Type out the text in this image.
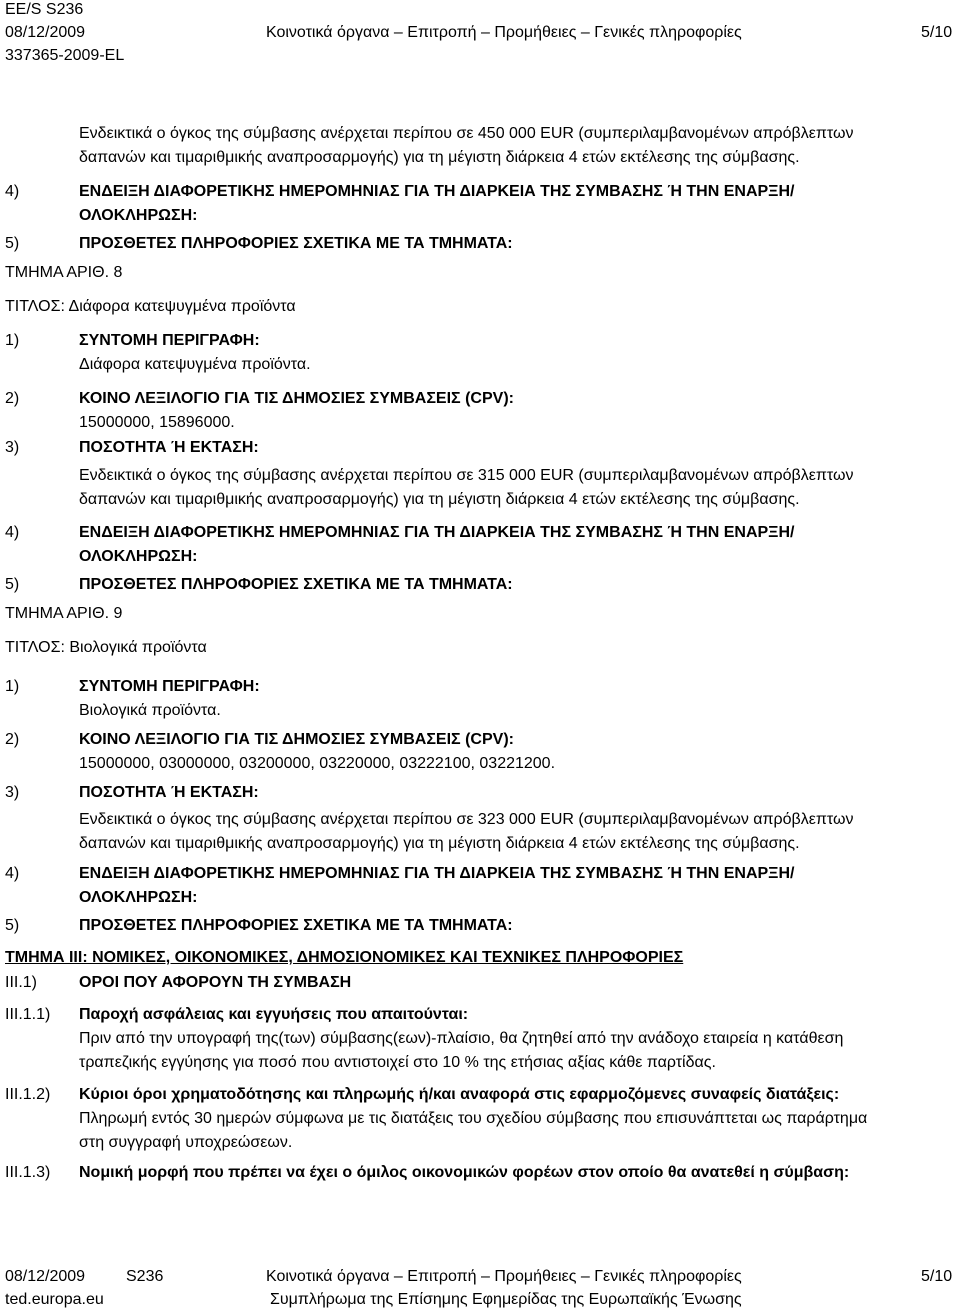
EE/S S236
08/12/2009	Κοινοτικά όργανα – Επιτροπή – Προμήθειες – Γενικές πληροφορίες	5/10
337365-2009-EL
Ενδεικτικά ο όγκος της σύμβασης ανέρχεται περίπου σε 450 000 EUR (συμπεριλαμβανομένων απρόβλεπτων
δαπανών και τιμαριθμικής αναπροσαρμογής) για τη μέγιστη διάρκεια 4 ετών εκτέλεσης της σύμβασης.
4)	ΕΝΔΕΙΞΗ ΔΙΑΦΟΡΕΤΙΚΗΣ ΗΜΕΡΟΜΗΝΙΑΣ ΓΙΑ ΤΗ ΔΙΑΡΚΕΙΑ ΤΗΣ ΣΥΜΒΑΣΗΣ Ή ΤΗΝ ΕΝΑΡΞΗ/
ΟΛΟΚΛΗΡΩΣΗ:
5)	ΠΡΟΣΘΕΤΕΣ ΠΛΗΡΟΦΟΡΙΕΣ ΣΧΕΤΙΚΑ ΜΕ ΤΑ ΤΜΗΜΑΤΑ:
ΤΜΗΜΑ ΑΡΙΘ. 8
ΤΙΤΛΟΣ: Διάφορα κατεψυγμένα προϊόντα
1)	ΣΥΝΤΟΜΗ ΠΕΡΙΓΡΑΦΗ:
Διάφορα κατεψυγμένα προϊόντα.
2)	ΚΟΙΝΟ ΛΕΞΙΛΟΓΙΟ ΓΙΑ ΤΙΣ ΔΗΜΟΣΙΕΣ ΣΥΜΒΑΣΕΙΣ (CPV):
15000000, 15896000.
3)	ΠΟΣΟΤΗΤΑ Ή ΕΚΤΑΣΗ:
Ενδεικτικά ο όγκος της σύμβασης ανέρχεται περίπου σε 315 000 EUR (συμπεριλαμβανομένων απρόβλεπτων
δαπανών και τιμαριθμικής αναπροσαρμογής) για τη μέγιστη διάρκεια 4 ετών εκτέλεσης της σύμβασης.
4)	ΕΝΔΕΙΞΗ ΔΙΑΦΟΡΕΤΙΚΗΣ ΗΜΕΡΟΜΗΝΙΑΣ ΓΙΑ ΤΗ ΔΙΑΡΚΕΙΑ ΤΗΣ ΣΥΜΒΑΣΗΣ Ή ΤΗΝ ΕΝΑΡΞΗ/
ΟΛΟΚΛΗΡΩΣΗ:
5)	ΠΡΟΣΘΕΤΕΣ ΠΛΗΡΟΦΟΡΙΕΣ ΣΧΕΤΙΚΑ ΜΕ ΤΑ ΤΜΗΜΑΤΑ:
ΤΜΗΜΑ ΑΡΙΘ. 9
ΤΙΤΛΟΣ: Βιολογικά προϊόντα
1)	ΣΥΝΤΟΜΗ ΠΕΡΙΓΡΑΦΗ:
Βιολογικά προϊόντα.
2)	ΚΟΙΝΟ ΛΕΞΙΛΟΓΙΟ ΓΙΑ ΤΙΣ ΔΗΜΟΣΙΕΣ ΣΥΜΒΑΣΕΙΣ (CPV):
15000000, 03000000, 03200000, 03220000, 03222100, 03221200.
3)	ΠΟΣΟΤΗΤΑ Ή ΕΚΤΑΣΗ:
Ενδεικτικά ο όγκος της σύμβασης ανέρχεται περίπου σε 323 000 EUR (συμπεριλαμβανομένων απρόβλεπτων
δαπανών και τιμαριθμικής αναπροσαρμογής) για τη μέγιστη διάρκεια 4 ετών εκτέλεσης της σύμβασης.
4)	ΕΝΔΕΙΞΗ ΔΙΑΦΟΡΕΤΙΚΗΣ ΗΜΕΡΟΜΗΝΙΑΣ ΓΙΑ ΤΗ ΔΙΑΡΚΕΙΑ ΤΗΣ ΣΥΜΒΑΣΗΣ Ή ΤΗΝ ΕΝΑΡΞΗ/
ΟΛΟΚΛΗΡΩΣΗ:
5)	ΠΡΟΣΘΕΤΕΣ ΠΛΗΡΟΦΟΡΙΕΣ ΣΧΕΤΙΚΑ ΜΕ ΤΑ ΤΜΗΜΑΤΑ:
ΤΜΗΜΑ III: ΝΟΜΙΚΕΣ, ΟΙΚΟΝΟΜΙΚΕΣ, ΔΗΜΟΣΙΟΝΟΜΙΚΕΣ ΚΑΙ ΤΕΧΝΙΚΕΣ ΠΛΗΡΟΦΟΡΙΕΣ
III.1)	ΟΡΟΙ ΠΟΥ ΑΦΟΡΟΥΝ ΤΗ ΣΥΜΒΑΣΗ
III.1.1) Παροχή ασφάλειας και εγγυήσεις που απαιτούνται:
Πριν από την υπογραφή της(των) σύμβασης(εων)-πλαίσιο, θα ζητηθεί από την ανάδοχο εταιρεία η κατάθεση
τραπεζικής εγγύησης για ποσό που αντιστοιχεί στο 10 % της ετήσιας αξίας κάθε παρτίδας.
III.1.2) Κύριοι όροι χρηματοδότησης και πληρωμής ή/και αναφορά στις εφαρμοζόμενες συναφείς διατάξεις:
Πληρωμή εντός 30 ημερών σύμφωνα με τις διατάξεις του σχεδίου σύμβασης που επισυνάπτεται ως παράρτημα
στη συγγραφή υποχρεώσεων.
III.1.3) Νομική μορφή που πρέπει να έχει ο όμιλος οικονομικών φορέων στον οποίο θα ανατεθεί η σύμβαση:
08/12/2009	S236	Κοινοτικά όργανα – Επιτροπή – Προμήθειες – Γενικές πληροφορίες	5/10
ted.europa.eu	Συμπλήρωμα της Επίσημης Εφημερίδας της Ευρωπαϊκής Ένωσης
